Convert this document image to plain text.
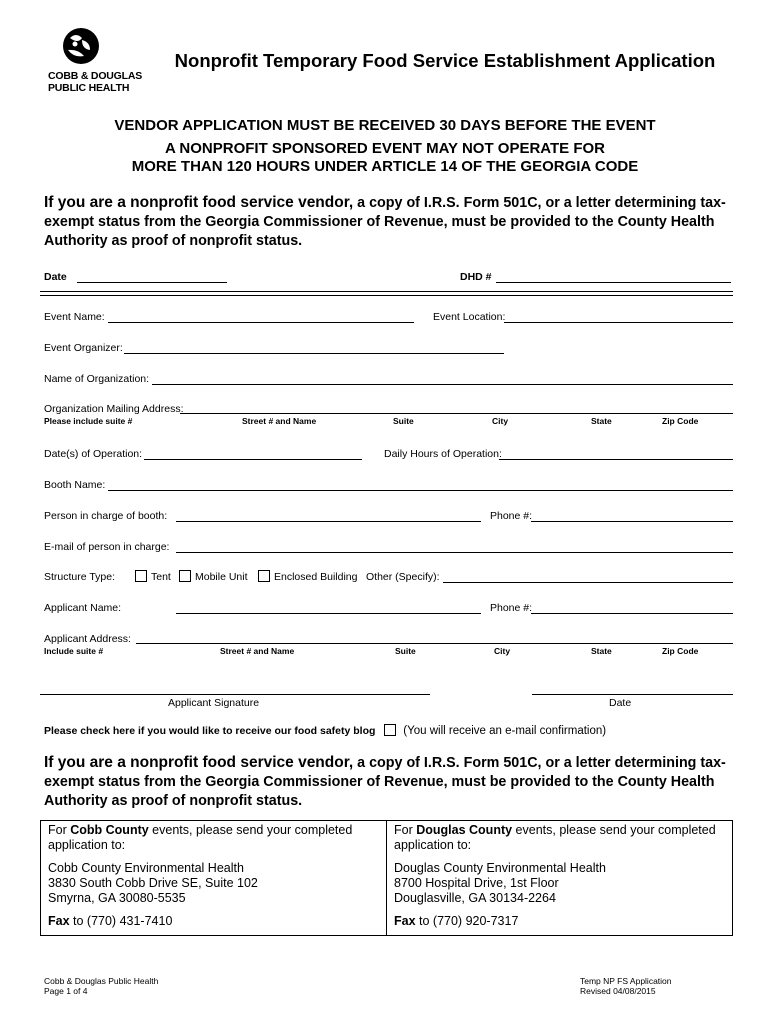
COBB & DOUGLAS
PUBLIC HEALTH
Nonprofit Temporary Food Service Establishment Application
VENDOR APPLICATION MUST BE RECEIVED 30 DAYS BEFORE THE EVENT
A NONPROFIT SPONSORED EVENT MAY NOT OPERATE FOR
MORE THAN 120 HOURS UNDER ARTICLE 14 OF THE GEORGIA CODE
If you are a nonprofit food service vendor, a copy of I.R.S. Form 501C, or a letter determining tax-exempt status from the Georgia Commissioner of Revenue, must be provided to the County Health Authority as proof of nonprofit status.
Date	DHD #
Event Name:	Event Location:
Event Organizer:
Name of Organization:
Organization Mailing Address:
Please include suite #	Street # and Name	Suite	City	State	Zip Code
Date(s) of Operation:	Daily Hours of Operation:
Booth Name:
Person in charge of booth:	Phone #:
E-mail of person in charge:
Structure Type:	Tent	Mobile Unit	Enclosed Building Other (Specify):
Applicant Name:	Phone #:
Applicant Address:
Include suite #	Street # and Name	Suite	City	State	Zip Code
Applicant Signature	Date
Please check here if you would like to receive our food safety blog (You will receive an e-mail confirmation)
If you are a nonprofit food service vendor, a copy of I.R.S. Form 501C, or a letter determining tax-exempt status from the Georgia Commissioner of Revenue, must be provided to the County Health Authority as proof of nonprofit status.

For Cobb County events, please send your completed application to:

Cobb County Environmental Health
3830 South Cobb Drive SE, Suite 102
Smyrna, GA 30080-5535

Fax to (770) 431-7410

For Douglas County events, please send your completed application to:

Douglas County Environmental Health
8700 Hospital Drive, 1st Floor
Douglasville, GA 30134-2264

Fax to (770) 920-7317

Cobb & Douglas Public Health
Page 1 of 4
Temp NP FS Application
Revised 04/08/2015
